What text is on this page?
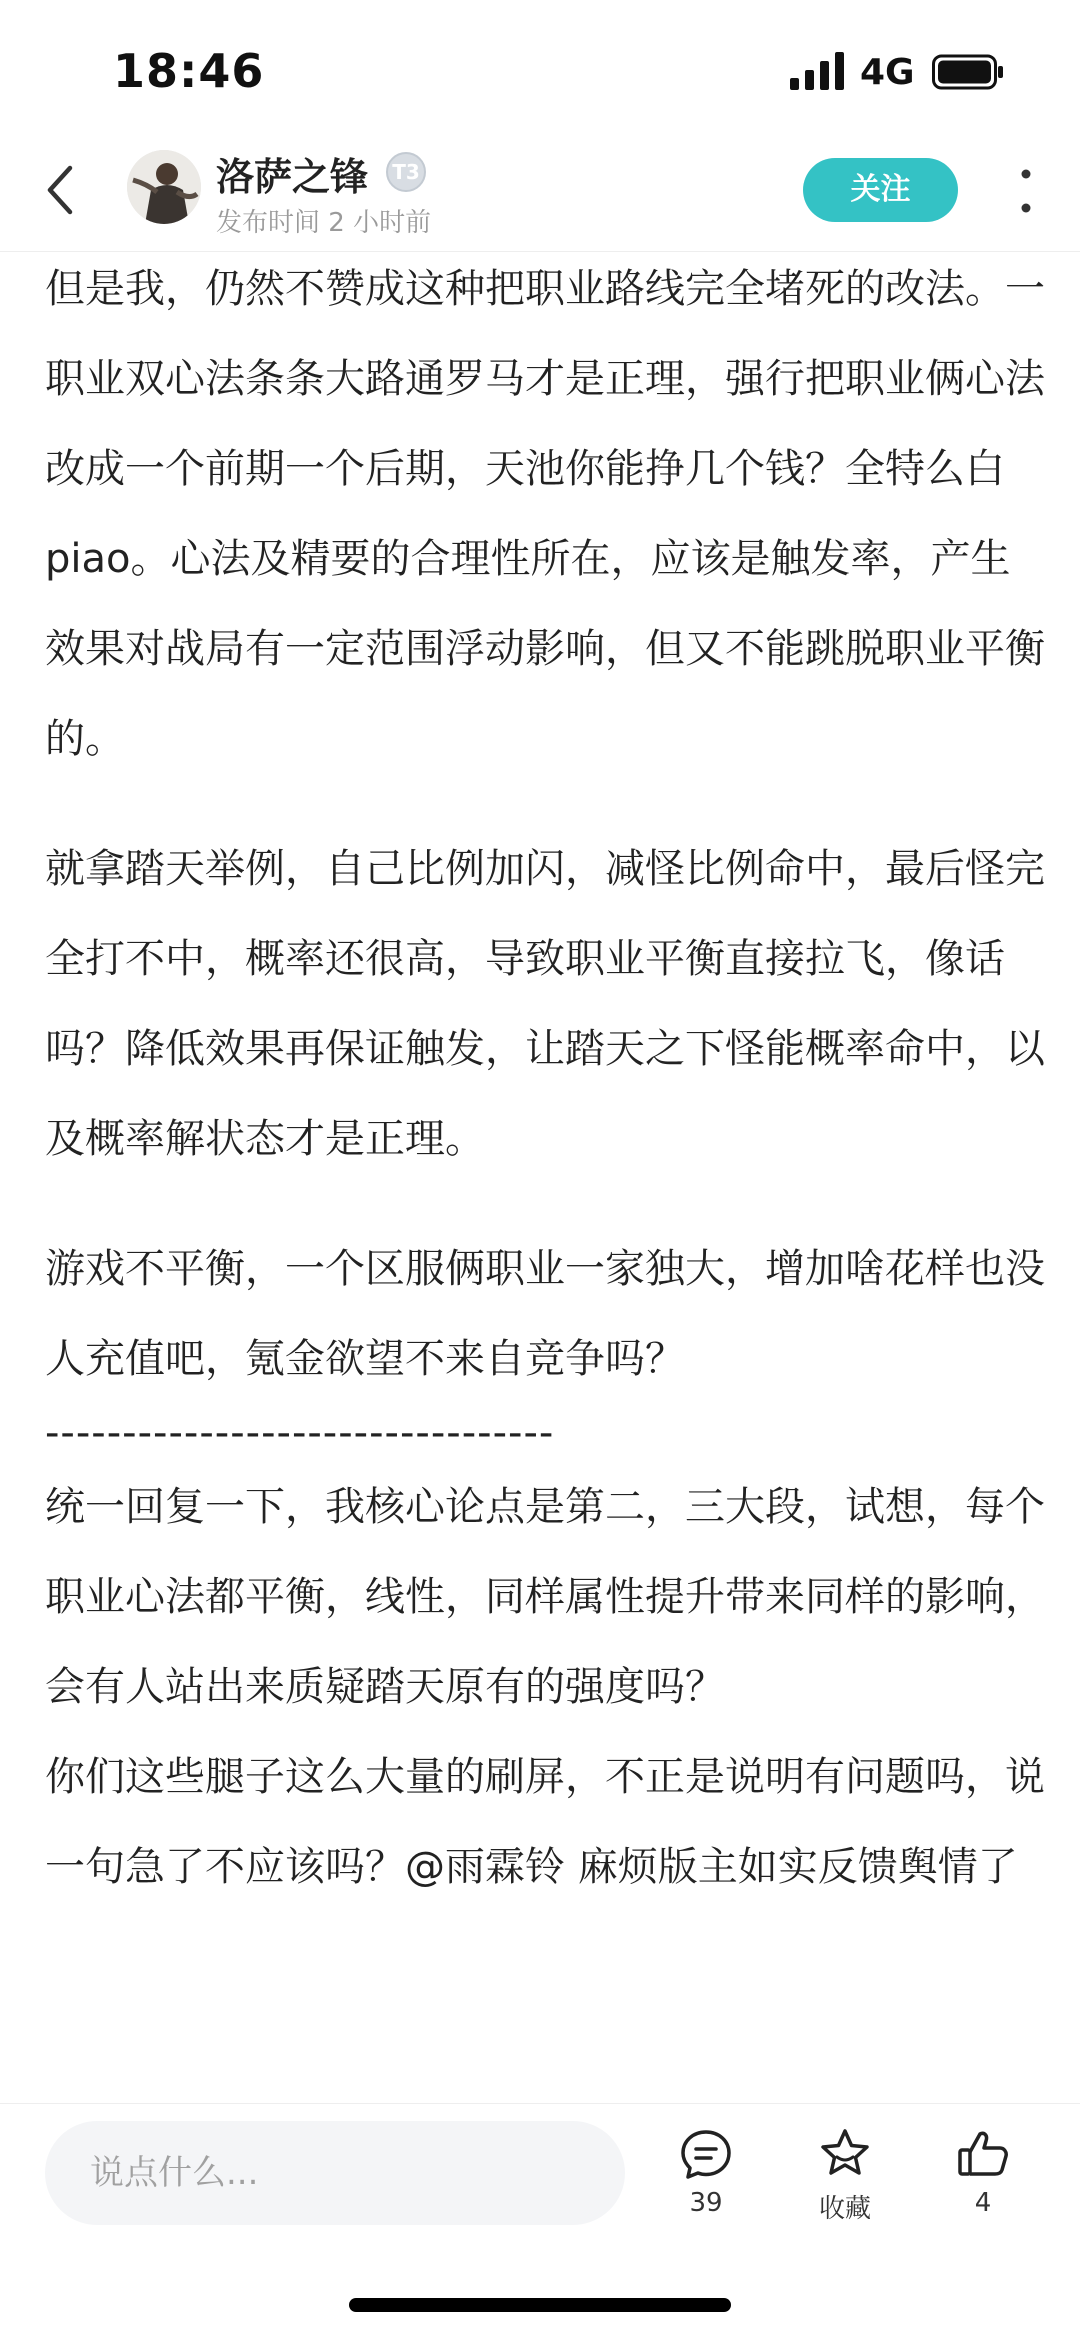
18:46	4G
洛萨之锋 T3
发布时间 2 小时前
关注
但是我，仍然不赞成这种把职业路线完全堵死的改法。一职业双心法条条大路通罗马才是正理，强行把职业俩心法改成一个前期一个后期，天池你能挣几个钱？全特么白piao。心法及精要的合理性所在，应该是触发率，产生效果对战局有一定范围浮动影响，但又不能跳脱职业平衡的。
就拿踏天举例，自己比例加闪，减怪比例命中，最后怪完全打不中，概率还很高，导致职业平衡直接拉飞，像话吗？降低效果再保证触发，让踏天之下怪能概率命中，以及概率解状态才是正理。
游戏不平衡，一个区服俩职业一家独大，增加啥花样也没人充值吧，氪金欲望不来自竞争吗？
---------------------------------
统一回复一下，我核心论点是第二，三大段，试想，每个职业心法都平衡，线性，同样属性提升带来同样的影响，会有人站出来质疑踏天原有的强度吗？
你们这些腿子这么大量的刷屏，不正是说明有问题吗，说一句急了不应该吗？@雨霖铃 麻烦版主如实反馈舆情了
说点什么...
39	收藏	4
